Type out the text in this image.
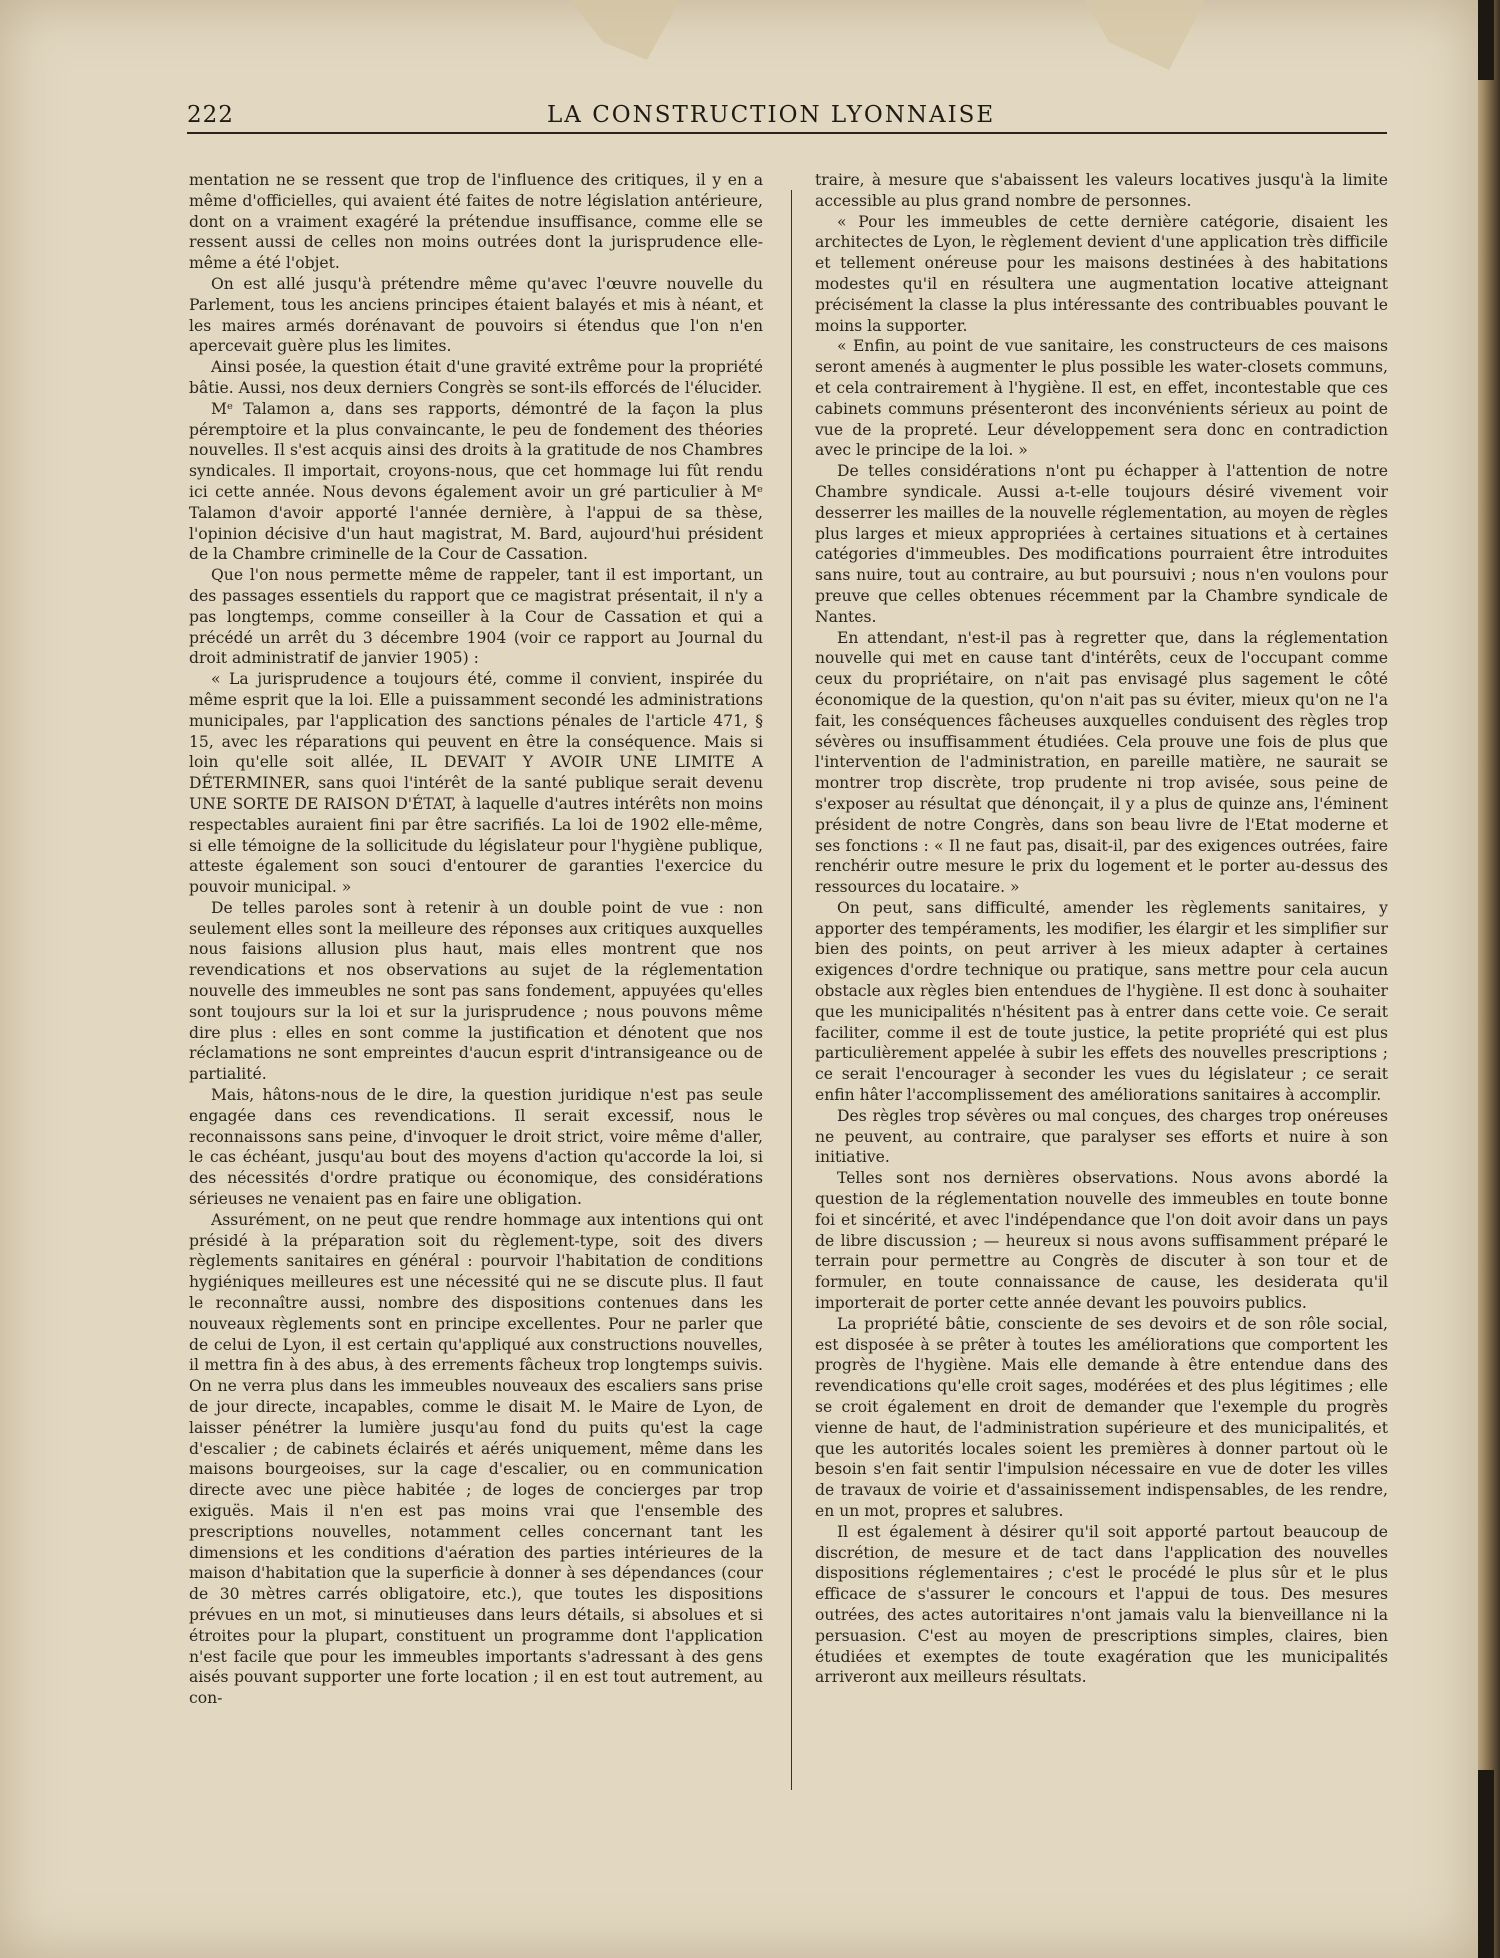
222	LA CONSTRUCTION LYONNAISE

mentation ne se ressent que trop de l'influence des critiques, il y en a même d'officielles, qui avaient été faites de notre législation antérieure, dont on a vraiment exagéré la prétendue insuffisance, comme elle se ressent aussi de celles non moins outrées dont la jurisprudence elle-même a été l'objet.

On est allé jusqu'à prétendre même qu'avec l'œuvre nouvelle du Parlement, tous les anciens principes étaient balayés et mis à néant, et les maires armés dorénavant de pouvoirs si étendus que l'on n'en apercevait guère plus les limites.

Ainsi posée, la question était d'une gravité extrême pour la propriété bâtie. Aussi, nos deux derniers Congrès se sont-ils efforcés de l'élucider.

Mᵉ Talamon a, dans ses rapports, démontré de la façon la plus péremptoire et la plus convaincante, le peu de fondement des théories nouvelles. Il s'est acquis ainsi des droits à la gratitude de nos Chambres syndicales. Il importait, croyons-nous, que cet hommage lui fût rendu ici cette année. Nous devons également avoir un gré particulier à Mᵉ Talamon d'avoir apporté l'année dernière, à l'appui de sa thèse, l'opinion décisive d'un haut magistrat, M. Bard, aujourd'hui président de la Chambre criminelle de la Cour de Cassation.

Que l'on nous permette même de rappeler, tant il est important, un des passages essentiels du rapport que ce magistrat présentait, il n'y a pas longtemps, comme conseiller à la Cour de Cassation et qui a précédé un arrêt du 3 décembre 1904 (voir ce rapport au Journal du droit administratif de janvier 1905) :

« La jurisprudence a toujours été, comme il convient, inspirée du même esprit que la loi. Elle a puissamment secondé les administrations municipales, par l'application des sanctions pénales de l'article 471, § 15, avec les réparations qui peuvent en être la conséquence. Mais si loin qu'elle soit allée, IL DEVAIT Y AVOIR UNE LIMITE A DÉTERMINER, sans quoi l'intérêt de la santé publique serait devenu UNE SORTE DE RAISON D'ÉTAT, à laquelle d'autres intérêts non moins respectables auraient fini par être sacrifiés. La loi de 1902 elle-même, si elle témoigne de la sollicitude du législateur pour l'hygiène publique, atteste également son souci d'entourer de garanties l'exercice du pouvoir municipal. »

De telles paroles sont à retenir à un double point de vue : non seulement elles sont la meilleure des réponses aux critiques auxquelles nous faisions allusion plus haut, mais elles montrent que nos revendications et nos observations au sujet de la réglementation nouvelle des immeubles ne sont pas sans fondement, appuyées qu'elles sont toujours sur la loi et sur la jurisprudence ; nous pouvons même dire plus : elles en sont comme la justification et dénotent que nos réclamations ne sont empreintes d'aucun esprit d'intransigeance ou de partialité.

Mais, hâtons-nous de le dire, la question juridique n'est pas seule engagée dans ces revendications. Il serait excessif, nous le reconnaissons sans peine, d'invoquer le droit strict, voire même d'aller, le cas échéant, jusqu'au bout des moyens d'action qu'accorde la loi, si des nécessités d'ordre pratique ou économique, des considérations sérieuses ne venaient pas en faire une obligation.

Assurément, on ne peut que rendre hommage aux intentions qui ont présidé à la préparation soit du règlement-type, soit des divers règlements sanitaires en général : pourvoir l'habitation de conditions hygiéniques meilleures est une nécessité qui ne se discute plus. Il faut le reconnaître aussi, nombre des dispositions contenues dans les nouveaux règlements sont en principe excellentes. Pour ne parler que de celui de Lyon, il est certain qu'appliqué aux constructions nouvelles, il mettra fin à des abus, à des errements fâcheux trop longtemps suivis. On ne verra plus dans les immeubles nouveaux des escaliers sans prise de jour directe, incapables, comme le disait M. le Maire de Lyon, de laisser pénétrer la lumière jusqu'au fond du puits qu'est la cage d'escalier ; de cabinets éclairés et aérés uniquement, même dans les maisons bourgeoises, sur la cage d'escalier, ou en communication directe avec une pièce habitée ; de loges de concierges par trop exiguës. Mais il n'en est pas moins vrai que l'ensemble des prescriptions nouvelles, notamment celles concernant tant les dimensions et les conditions d'aération des parties intérieures de la maison d'habitation que la superficie à donner à ses dépendances (cour de 30 mètres carrés obligatoire, etc.), que toutes les dispositions prévues en un mot, si minutieuses dans leurs détails, si absolues et si étroites pour la plupart, constituent un programme dont l'application n'est facile que pour les immeubles importants s'adressant à des gens aisés pouvant supporter une forte location ; il en est tout autrement, au con-

traire, à mesure que s'abaissent les valeurs locatives jusqu'à la limite accessible au plus grand nombre de personnes.

« Pour les immeubles de cette dernière catégorie, disaient les architectes de Lyon, le règlement devient d'une application très difficile et tellement onéreuse pour les maisons destinées à des habitations modestes qu'il en résultera une augmentation locative atteignant précisément la classe la plus intéressante des contribuables pouvant le moins la supporter.

« Enfin, au point de vue sanitaire, les constructeurs de ces maisons seront amenés à augmenter le plus possible les water-closets communs, et cela contrairement à l'hygiène. Il est, en effet, incontestable que ces cabinets communs présenteront des inconvénients sérieux au point de vue de la propreté. Leur développement sera donc en contradiction avec le principe de la loi. »

De telles considérations n'ont pu échapper à l'attention de notre Chambre syndicale. Aussi a-t-elle toujours désiré vivement voir desserrer les mailles de la nouvelle réglementation, au moyen de règles plus larges et mieux appropriées à certaines situations et à certaines catégories d'immeubles. Des modifications pourraient être introduites sans nuire, tout au contraire, au but poursuivi ; nous n'en voulons pour preuve que celles obtenues récemment par la Chambre syndicale de Nantes.

En attendant, n'est-il pas à regretter que, dans la réglementation nouvelle qui met en cause tant d'intérêts, ceux de l'occupant comme ceux du propriétaire, on n'ait pas envisagé plus sagement le côté économique de la question, qu'on n'ait pas su éviter, mieux qu'on ne l'a fait, les conséquences fâcheuses auxquelles conduisent des règles trop sévères ou insuffisamment étudiées. Cela prouve une fois de plus que l'intervention de l'administration, en pareille matière, ne saurait se montrer trop discrète, trop prudente ni trop avisée, sous peine de s'exposer au résultat que dénonçait, il y a plus de quinze ans, l'éminent président de notre Congrès, dans son beau livre de l'Etat moderne et ses fonctions : « Il ne faut pas, disait-il, par des exigences outrées, faire renchérir outre mesure le prix du logement et le porter au-dessus des ressources du locataire. »

On peut, sans difficulté, amender les règlements sanitaires, y apporter des tempéraments, les modifier, les élargir et les simplifier sur bien des points, on peut arriver à les mieux adapter à certaines exigences d'ordre technique ou pratique, sans mettre pour cela aucun obstacle aux règles bien entendues de l'hygiène. Il est donc à souhaiter que les municipalités n'hésitent pas à entrer dans cette voie. Ce serait faciliter, comme il est de toute justice, la petite propriété qui est plus particulièrement appelée à subir les effets des nouvelles prescriptions ; ce serait l'encourager à seconder les vues du législateur ; ce serait enfin hâter l'accomplissement des améliorations sanitaires à accomplir.

Des règles trop sévères ou mal conçues, des charges trop onéreuses ne peuvent, au contraire, que paralyser ses efforts et nuire à son initiative.

Telles sont nos dernières observations. Nous avons abordé la question de la réglementation nouvelle des immeubles en toute bonne foi et sincérité, et avec l'indépendance que l'on doit avoir dans un pays de libre discussion ; — heureux si nous avons suffisamment préparé le terrain pour permettre au Congrès de discuter à son tour et de formuler, en toute connaissance de cause, les desiderata qu'il importerait de porter cette année devant les pouvoirs publics.

La propriété bâtie, consciente de ses devoirs et de son rôle social, est disposée à se prêter à toutes les améliorations que comportent les progrès de l'hygiène. Mais elle demande à être entendue dans des revendications qu'elle croit sages, modérées et des plus légitimes ; elle se croit également en droit de demander que l'exemple du progrès vienne de haut, de l'administration supérieure et des municipalités, et que les autorités locales soient les premières à donner partout où le besoin s'en fait sentir l'impulsion nécessaire en vue de doter les villes de travaux de voirie et d'assainissement indispensables, de les rendre, en un mot, propres et salubres.

Il est également à désirer qu'il soit apporté partout beaucoup de discrétion, de mesure et de tact dans l'application des nouvelles dispositions réglementaires ; c'est le procédé le plus sûr et le plus efficace de s'assurer le concours et l'appui de tous. Des mesures outrées, des actes autoritaires n'ont jamais valu la bienveillance ni la persuasion. C'est au moyen de prescriptions simples, claires, bien étudiées et exemptes de toute exagération que les municipalités arriveront aux meilleurs résultats.
